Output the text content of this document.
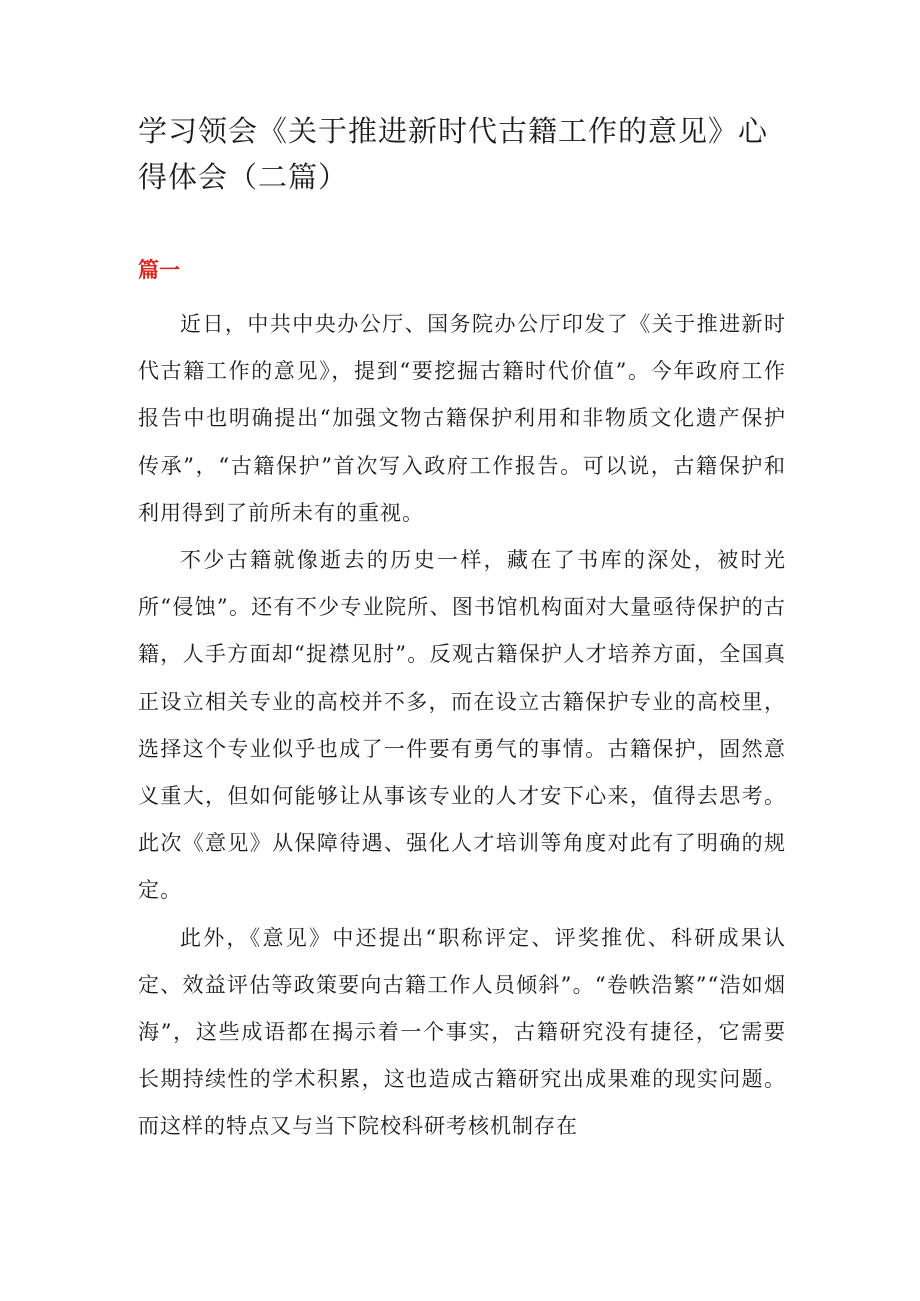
学习领会《关于推进新时代古籍工作的意见》心得体会（二篇）
篇一

近日，中共中央办公厅、国务院办公厅印发了《关于推进新时代古籍工作的意见》，提到“要挖掘古籍时代价值”。今年政府工作报告中也明确提出“加强文物古籍保护利用和非物质文化遗产保护传承”，“古籍保护”首次写入政府工作报告。可以说，古籍保护和利用得到了前所未有的重视。

不少古籍就像逝去的历史一样，藏在了书库的深处，被时光所“侵蚀”。还有不少专业院所、图书馆机构面对大量亟待保护的古籍，人手方面却“捉襟见肘”。反观古籍保护人才培养方面，全国真正设立相关专业的高校并不多，而在设立古籍保护专业的高校里，选择这个专业似乎也成了一件要有勇气的事情。古籍保护，固然意义重大，但如何能够让从事该专业的人才安下心来，值得去思考。此次《意见》从保障待遇、强化人才培训等角度对此有了明确的规定。

此外，《意见》中还提出“职称评定、评奖推优、科研成果认定、效益评估等政策要向古籍工作人员倾斜”。“卷帙浩繁”“浩如烟海”，这些成语都在揭示着一个事实，古籍研究没有捷径，它需要长期持续性的学术积累，这也造成古籍研究出成果难的现实问题。而这样的特点又与当下院校科研考核机制存在
